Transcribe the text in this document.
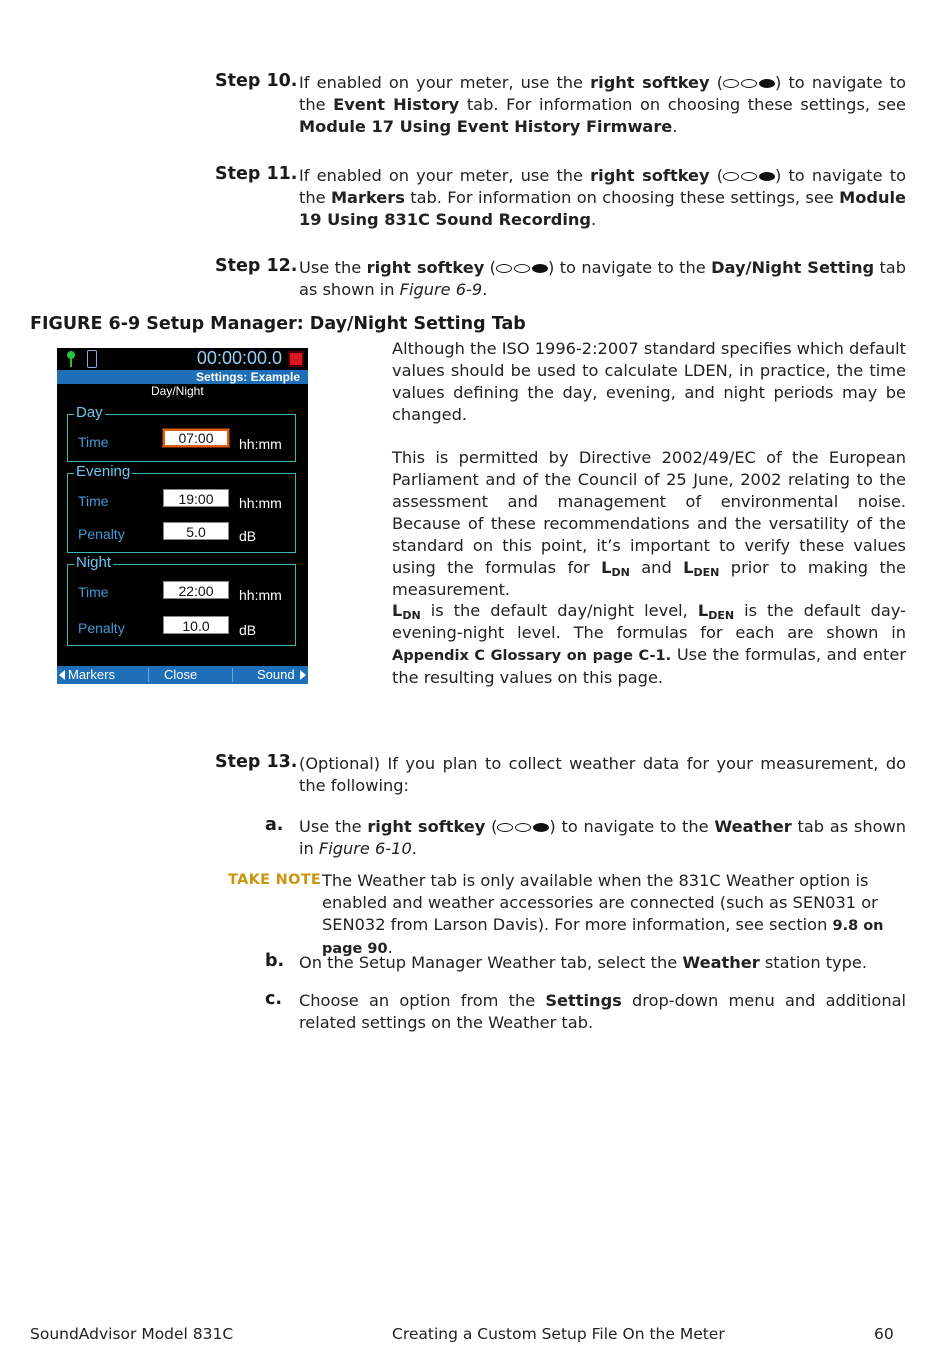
Step 10. If enabled on your meter, use the right softkey (	) to navigate to the Event History tab. For information on choosing these settings, see Module 17 Using Event History Firmware.
Step 11. If enabled on your meter, use the right softkey (	) to navigate to the Markers tab. For information on choosing these settings, see Module 19 Using 831C Sound Recording.
Step 12. Use the right softkey (	) to navigate to the Day/Night Setting tab as shown in Figure 6-9.
FIGURE 6-9 Setup Manager: Day/Night Setting Tab
00:00:00.0
Settings: Example
Day/Night
Day
Time	07:00	hh:mm
Evening
Time	19:00	hh:mm
Penalty	5.0	dB
Night
Time	22:00	hh:mm
Penalty	10.0	dB
Markers	Close	Sound
Although the ISO 1996-2:2007 standard specifies which default values should be used to calculate LDEN, in practice, the time values defining the day, evening, and night periods may be changed.
This is permitted by Directive 2002/49/EC of the European Parliament and of the Council of 25 June, 2002 relating to the assessment and management of environmental noise. Because of these recommendations and the versatility of the standard on this point, it’s important to verify these values using the formulas for $L_{DN}$ and $L_{DEN}$ prior to making the measurement.
$L_{DN}$ is the default day/night level, $L_{DEN}$ is the default day-evening-night level. The formulas for each are shown in Appendix C Glossary on page C-1. Use the formulas, and enter the resulting values on this page.
Step 13. (Optional) If you plan to collect weather data for your measurement, do the following:
a. Use the right softkey (	) to navigate to the Weather tab as shown in Figure 6-10.
TAKE NOTE The Weather tab is only available when the 831C Weather option is enabled and weather accessories are connected (such as SEN031 or SEN032 from Larson Davis). For more information, see section 9.8 on page 90.
b. On the Setup Manager Weather tab, select the Weather station type.
c. Choose an option from the Settings drop-down menu and additional related settings on the Weather tab.
SoundAdvisor Model 831C	Creating a Custom Setup File On the Meter	60
